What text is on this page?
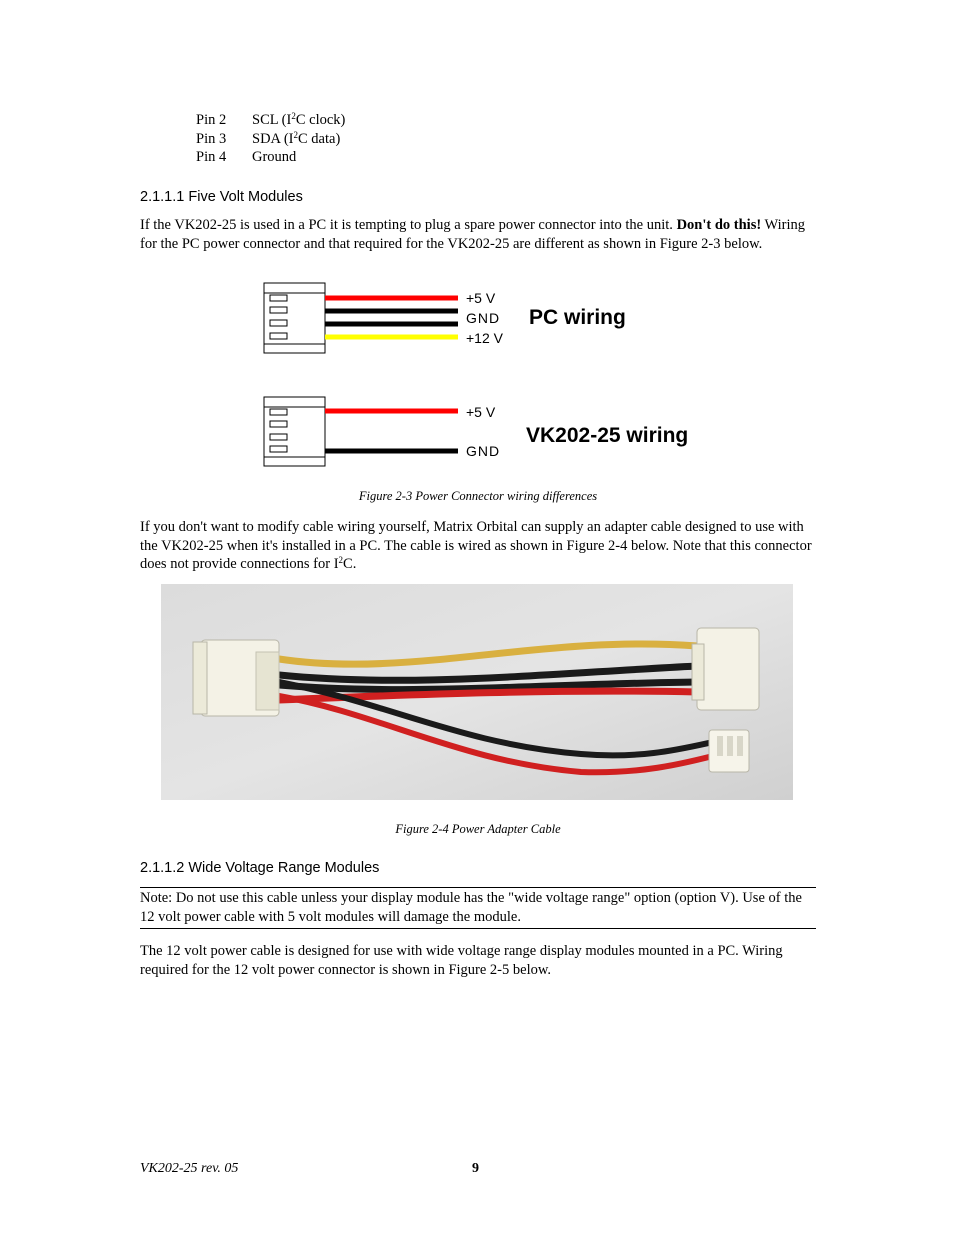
Pin 2 SCL ($I^2C$ clock)
Pin 3 SDA ($I^2C$ data)
Pin 4 Ground
2.1.1.1 Five Volt Modules
If the VK202-25 is used in a PC it is tempting to plug a spare power connector into the unit. Don't do this! Wiring for the PC power connector and that required for the VK202-25 are different as shown in Figure 2-3 below.
+5 V
GND
+12 V
PC wiring
+5 V
GND
VK202-25 wiring
Figure 2-3 Power Connector wiring differences
If you don't want to modify cable wiring yourself, Matrix Orbital can supply an adapter cable designed to use with the VK202-25 when it's installed in a PC. The cable is wired as shown in Figure 2-4 below. Note that this connector does not provide connections for $I^2C$.
Figure 2-4 Power Adapter Cable
2.1.1.2 Wide Voltage Range Modules
Note: Do not use this cable unless your display module has the "wide voltage range" option (option V). Use of the 12 volt power cable with 5 volt modules will damage the module.
The 12 volt power cable is designed for use with wide voltage range display modules mounted in a PC. Wiring required for the 12 volt power connector is shown in Figure 2-5 below.
VK202-25 rev. 05	9
